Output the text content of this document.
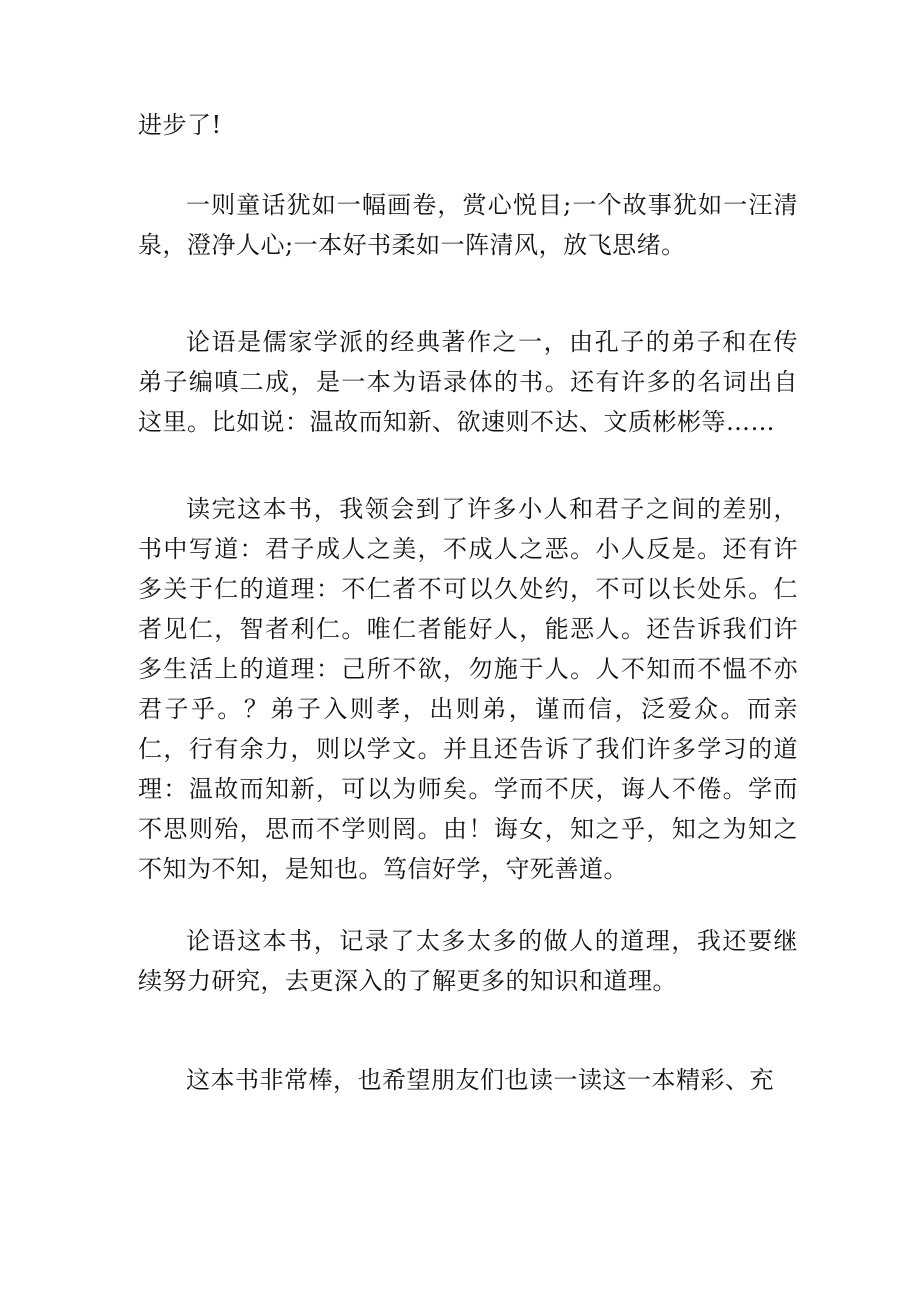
进步了!

一则童话犹如一幅画卷，赏心悦目;一个故事犹如一汪清泉，澄净人心;一本好书柔如一阵清风，放飞思绪。

论语是儒家学派的经典著作之一，由孔子的弟子和在传弟子编嗔二成，是一本为语录体的书。还有许多的名词出自这里。比如说：温故而知新、欲速则不达、文质彬彬等……

读完这本书，我领会到了许多小人和君子之间的差别，书中写道：君子成人之美，不成人之恶。小人反是。还有许多关于仁的道理：不仁者不可以久处约，不可以长处乐。仁者见仁，智者利仁。唯仁者能好人，能恶人。还告诉我们许多生活上的道理：己所不欲，勿施于人。人不知而不愠不亦君子乎。？弟子入则孝，出则弟，谨而信，泛爱众。而亲仁，行有余力，则以学文。并且还告诉了我们许多学习的道理：温故而知新，可以为师矣。学而不厌，诲人不倦。学而不思则殆，思而不学则罔。由！诲女，知之乎，知之为知之不知为不知，是知也。笃信好学，守死善道。

论语这本书，记录了太多太多的做人的道理，我还要继续努力研究，去更深入的了解更多的知识和道理。

这本书非常棒，也希望朋友们也读一读这一本精彩、充
